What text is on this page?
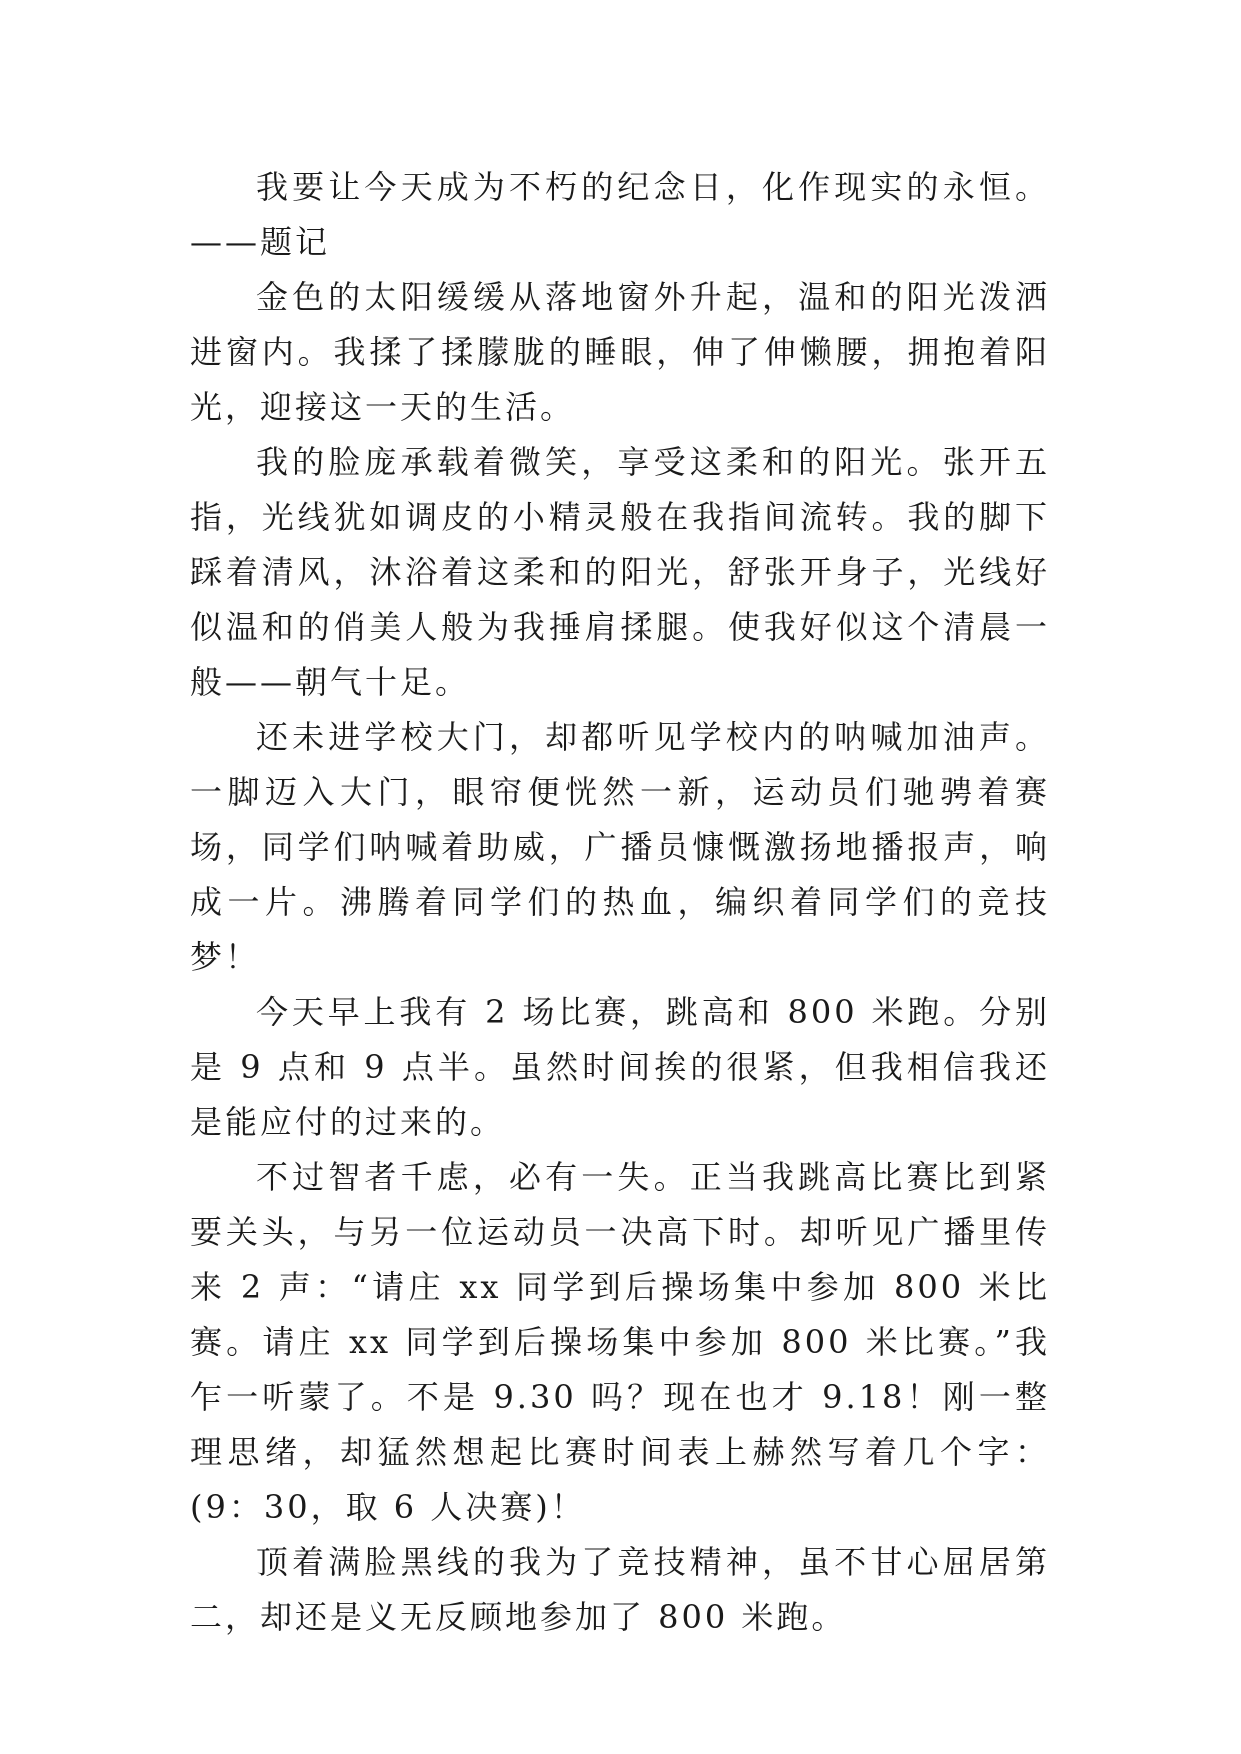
我要让今天成为不朽的纪念日，化作现实的永恒。——题记

金色的太阳缓缓从落地窗外升起，温和的阳光泼洒进窗内。我揉了揉朦胧的睡眼，伸了伸懒腰，拥抱着阳光，迎接这一天的生活。

我的脸庞承载着微笑，享受这柔和的阳光。张开五指，光线犹如调皮的小精灵般在我指间流转。我的脚下踩着清风，沐浴着这柔和的阳光，舒张开身子，光线好似温和的俏美人般为我捶肩揉腿。使我好似这个清晨一般——朝气十足。

还未进学校大门，却都听见学校内的呐喊加油声。一脚迈入大门，眼帘便恍然一新，运动员们驰骋着赛场，同学们呐喊着助威，广播员慷慨激扬地播报声，响成一片。沸腾着同学们的热血，编织着同学们的竞技梦！

今天早上我有 2 场比赛，跳高和 800 米跑。分别是 9 点和 9 点半。虽然时间挨的很紧，但我相信我还是能应付的过来的。

不过智者千虑，必有一失。正当我跳高比赛比到紧要关头，与另一位运动员一决高下时。却听见广播里传来 2 声：“请庄 xx 同学到后操场集中参加 800 米比赛。请庄 xx 同学到后操场集中参加 800 米比赛。”我乍一听蒙了。不是 9.30 吗？现在也才 9.18！刚一整理思绪，却猛然想起比赛时间表上赫然写着几个字：(9：30，取 6 人决赛)！

顶着满脸黑线的我为了竞技精神，虽不甘心屈居第二，却还是义无反顾地参加了 800 米跑。
